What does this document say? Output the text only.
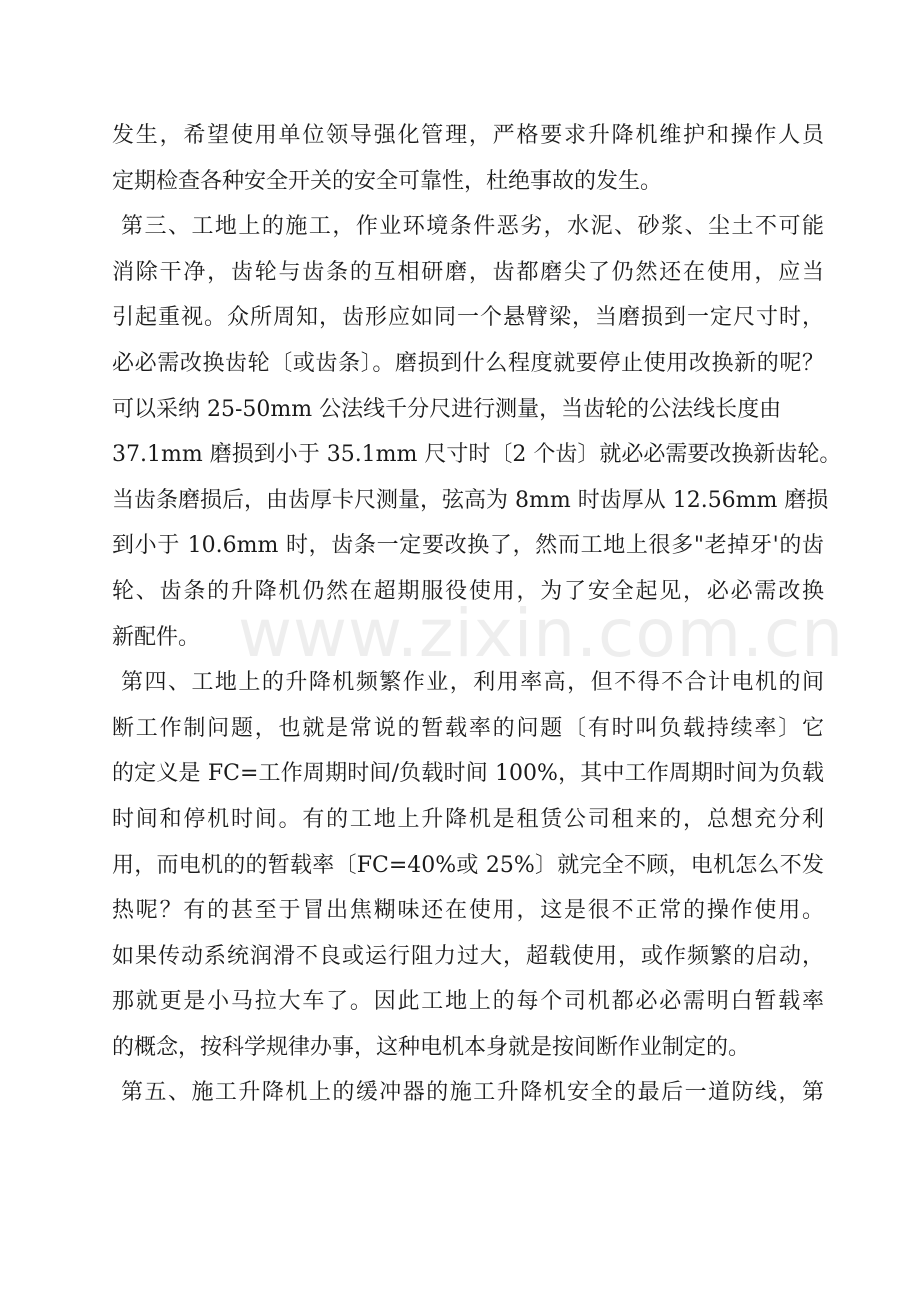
发生，希望使用单位领导强化管理，严格要求升降机维护和操作人员
定期检查各种安全开关的安全可靠性，杜绝事故的发生。
第三、工地上的施工，作业环境条件恶劣，水泥、砂浆、尘土不可能
消除干净，齿轮与齿条的互相研磨，齿都磨尖了仍然还在使用，应当
引起重视。众所周知，齿形应如同一个悬臂梁，当磨损到一定尺寸时，
必必需改换齿轮〔或齿条〕。磨损到什么程度就要停止使用改换新的呢？
可以采纳 25-50mm 公法线千分尺进行测量，当齿轮的公法线长度由
37.1mm 磨损到小于 35.1mm 尺寸时〔2 个齿〕就必必需要改换新齿轮。
当齿条磨损后，由齿厚卡尺测量，弦高为 8mm 时齿厚从 12.56mm 磨损
到小于 10.6mm 时，齿条一定要改换了，然而工地上很多"老掉牙'的齿
轮、齿条的升降机仍然在超期服役使用，为了安全起见，必必需改换
新配件。
第四、工地上的升降机频繁作业，利用率高，但不得不合计电机的间
断工作制问题，也就是常说的暂载率的问题〔有时叫负载持续率〕它
的定义是 FC=工作周期时间/负载时间 100%，其中工作周期时间为负载
时间和停机时间。有的工地上升降机是租赁公司租来的，总想充分利
用，而电机的的暂载率〔FC=40%或 25%〕就完全不顾，电机怎么不发
热呢？有的甚至于冒出焦糊味还在使用，这是很不正常的操作使用。
如果传动系统润滑不良或运行阻力过大，超载使用，或作频繁的启动，
那就更是小马拉大车了。因此工地上的每个司机都必必需明白暂载率
的概念，按科学规律办事，这种电机本身就是按间断作业制定的。
第五、施工升降机上的缓冲器的施工升降机安全的最后一道防线，第
www.zixin.com.cn
